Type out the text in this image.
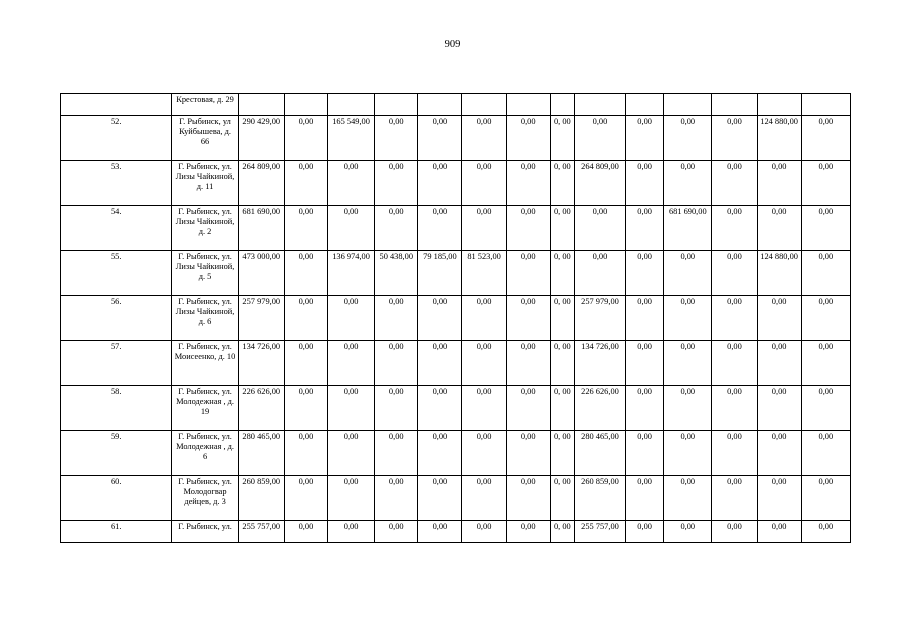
909
	Крестовая, д. 29														
52.	Г. Рыбинск, ул Куйбышева, д. 66	290 429,00	0,00	165 549,00	0,00	0,00	0,00	0,00	0, 00	0,00	0,00	0,00	0,00	124 880,00	0,00
53.	Г. Рыбинск, ул. Лизы Чайкиной, д. 11	264 809,00	0,00	0,00	0,00	0,00	0,00	0,00	0, 00	264 809,00	0,00	0,00	0,00	0,00	0,00
54.	Г. Рыбинск, ул. Лизы Чайкиной, д. 2	681 690,00	0,00	0,00	0,00	0,00	0,00	0,00	0, 00	0,00	0,00	681 690,00	0,00	0,00	0,00
55.	Г. Рыбинск, ул. Лизы Чайкиной, д. 5	473 000,00	0,00	136 974,00	50 438,00	79 185,00	81 523,00	0,00	0, 00	0,00	0,00	0,00	0,00	124 880,00	0,00
56.	Г. Рыбинск, ул. Лизы Чайкиной, д. 6	257 979,00	0,00	0,00	0,00	0,00	0,00	0,00	0, 00	257 979,00	0,00	0,00	0,00	0,00	0,00
57.	Г. Рыбинск, ул. Моисеенко, д. 10	134 726,00	0,00	0,00	0,00	0,00	0,00	0,00	0, 00	134 726,00	0,00	0,00	0,00	0,00	0,00
58.	Г. Рыбинск, ул. Молодежная , д. 19	226 626,00	0,00	0,00	0,00	0,00	0,00	0,00	0, 00	226 626,00	0,00	0,00	0,00	0,00	0,00
59.	Г. Рыбинск, ул. Молодежная , д. 6	280 465,00	0,00	0,00	0,00	0,00	0,00	0,00	0, 00	280 465,00	0,00	0,00	0,00	0,00	0,00
60.	Г. Рыбинск, ул. Молодогвар дейцев, д. 3	260 859,00	0,00	0,00	0,00	0,00	0,00	0,00	0, 00	260 859,00	0,00	0,00	0,00	0,00	0,00
61.	Г. Рыбинск, ул.	255 757,00	0,00	0,00	0,00	0,00	0,00	0,00	0, 00	255 757,00	0,00	0,00	0,00	0,00	0,00
